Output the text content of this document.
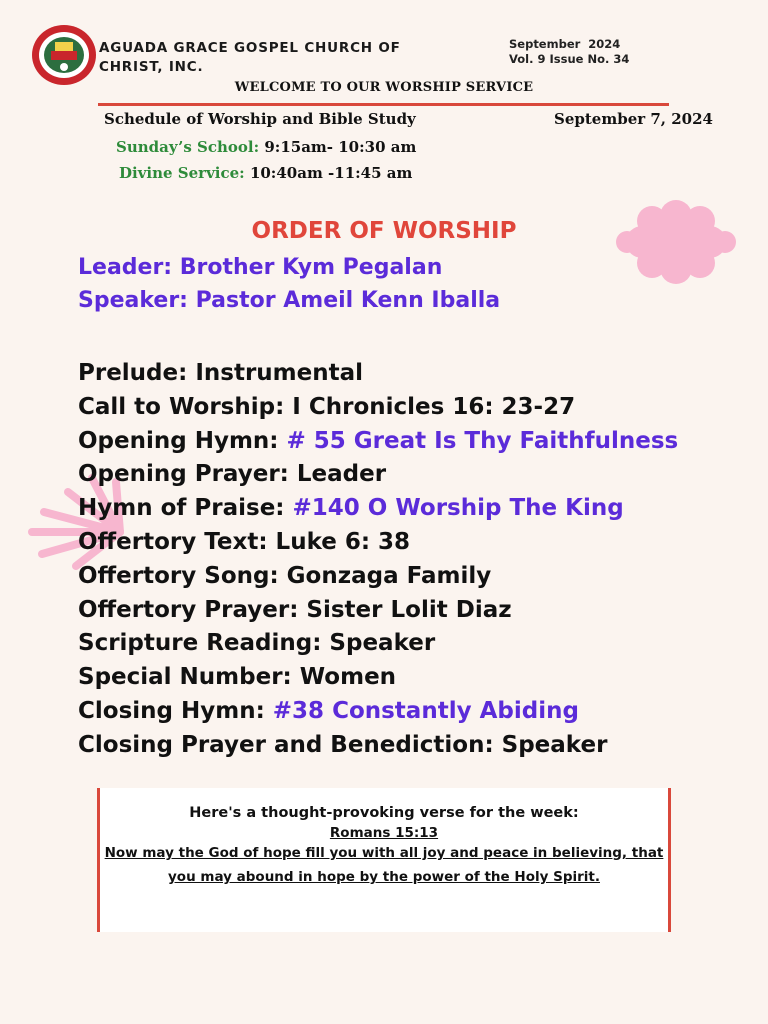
AGUADA GRACE GOSPEL CHURCH OF CHRIST, INC.
September  2024
Vol. 9 Issue No. 34
WELCOME TO OUR WORSHIP SERVICE
Schedule of Worship and Bible Study	September 7, 2024
Sunday’s School: 9:15am- 10:30 am
Divine Service: 10:40am -11:45 am
ORDER OF WORSHIP
Leader: Brother Kym Pegalan
Speaker: Pastor Ameil Kenn Iballa
Prelude: Instrumental
Call to Worship: I Chronicles 16: 23-27
Opening Hymn: # 55 Great Is Thy Faithfulness
Opening Prayer: Leader
Hymn of Praise: #140 O Worship The King
Offertory Text: Luke 6: 38
Offertory Song: Gonzaga Family
Offertory Prayer: Sister Lolit Diaz
Scripture Reading: Speaker
Special Number: Women
Closing Hymn: #38 Constantly Abiding
Closing Prayer and Benediction: Speaker
Here's a thought-provoking verse for the week:
Romans 15:13
Now may the God of hope fill you with all joy and peace in believing, that you may abound in hope by the power of the Holy Spirit.
